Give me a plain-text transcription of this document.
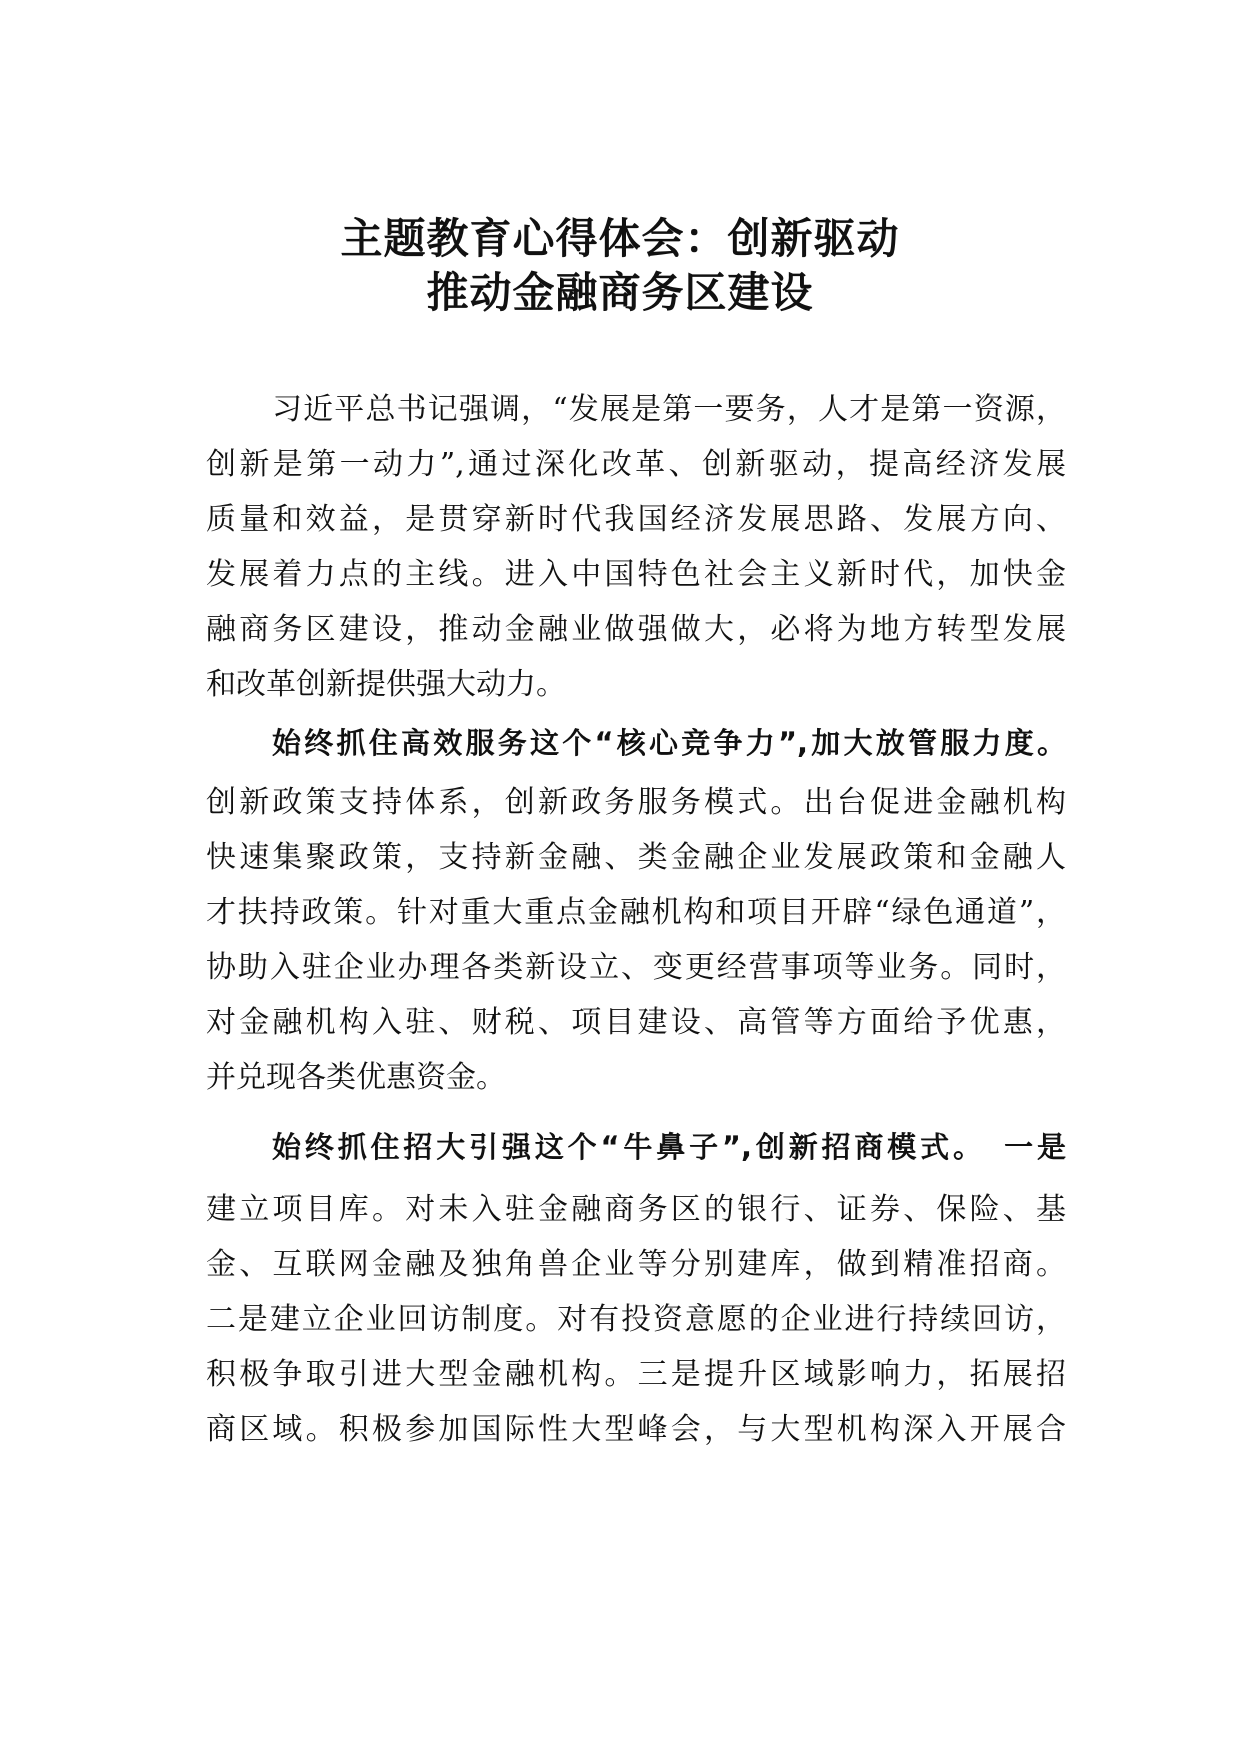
主题教育心得体会：创新驱动
推动金融商务区建设
习近平总书记强调，“发展是第一要务，人才是第一资源，
创新是第一动力”,通过深化改革、创新驱动，提高经济发展
质量和效益，是贯穿新时代我国经济发展思路、发展方向、
发展着力点的主线。进入中国特色社会主义新时代，加快金
融商务区建设，推动金融业做强做大，必将为地方转型发展
和改革创新提供强大动力。
始终抓住高效服务这个“核心竞争力”,加大放管服力度。
创新政策支持体系，创新政务服务模式。出台促进金融机构
快速集聚政策，支持新金融、类金融企业发展政策和金融人
才扶持政策。针对重大重点金融机构和项目开辟“绿色通道”，
协助入驻企业办理各类新设立、变更经营事项等业务。同时，
对金融机构入驻、财税、项目建设、高管等方面给予优惠，
并兑现各类优惠资金。
始终抓住招大引强这个“牛鼻子”,创新招商模式。　一是
建立项目库。对未入驻金融商务区的银行、证券、保险、基
金、互联网金融及独角兽企业等分别建库，做到精准招商。
二是建立企业回访制度。对有投资意愿的企业进行持续回访，
积极争取引进大型金融机构。三是提升区域影响力，拓展招
商区域。积极参加国际性大型峰会，与大型机构深入开展合
